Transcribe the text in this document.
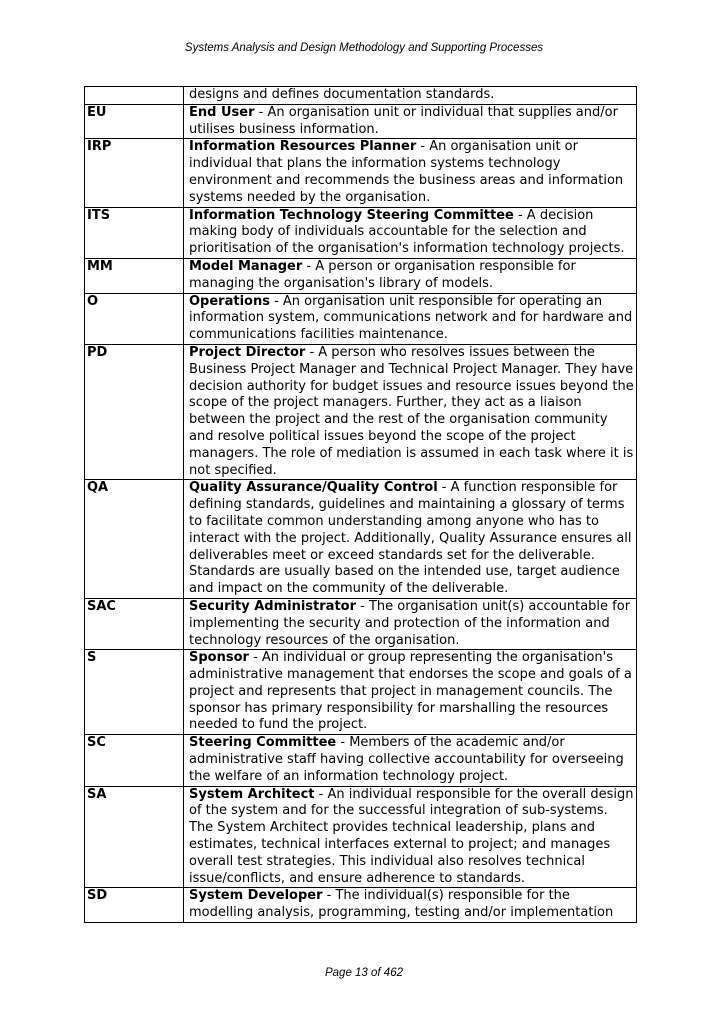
Systems Analysis and Design Methodology and Supporting Processes
	designs and defines documentation standards.
EU	End User - An organisation unit or individual that supplies and/or utilises business information.
IRP	Information Resources Planner - An organisation unit or individual that plans the information systems technology environment and recommends the business areas and information systems needed by the organisation.
ITS	Information Technology Steering Committee - A decision making body of individuals accountable for the selection and prioritisation of the organisation's information technology projects.
MM	Model Manager - A person or organisation responsible for managing the organisation's library of models.
O	Operations - An organisation unit responsible for operating an information system, communications network and for hardware and communications facilities maintenance.
PD	Project Director - A person who resolves issues between the Business Project Manager and Technical Project Manager. They have decision authority for budget issues and resource issues beyond the scope of the project managers. Further, they act as a liaison between the project and the rest of the organisation community and resolve political issues beyond the scope of the project managers. The role of mediation is assumed in each task where it is not specified.
QA	Quality Assurance/Quality Control - A function responsible for defining standards, guidelines and maintaining a glossary of terms to facilitate common understanding among anyone who has to interact with the project. Additionally, Quality Assurance ensures all deliverables meet or exceed standards set for the deliverable. Standards are usually based on the intended use, target audience and impact on the community of the deliverable.
SAC	Security Administrator - The organisation unit(s) accountable for implementing the security and protection of the information and technology resources of the organisation.
S	Sponsor - An individual or group representing the organisation's administrative management that endorses the scope and goals of a project and represents that project in management councils. The sponsor has primary responsibility for marshalling the resources needed to fund the project.
SC	Steering Committee - Members of the academic and/or administrative staff having collective accountability for overseeing the welfare of an information technology project.
SA	System Architect - An individual responsible for the overall design of the system and for the successful integration of sub-systems. The System Architect provides technical leadership, plans and estimates, technical interfaces external to project; and manages overall test strategies. This individual also resolves technical issue/conflicts, and ensure adherence to standards.
SD	System Developer - The individual(s) responsible for the modelling analysis, programming, testing and/or implementation
Page 13 of 462
